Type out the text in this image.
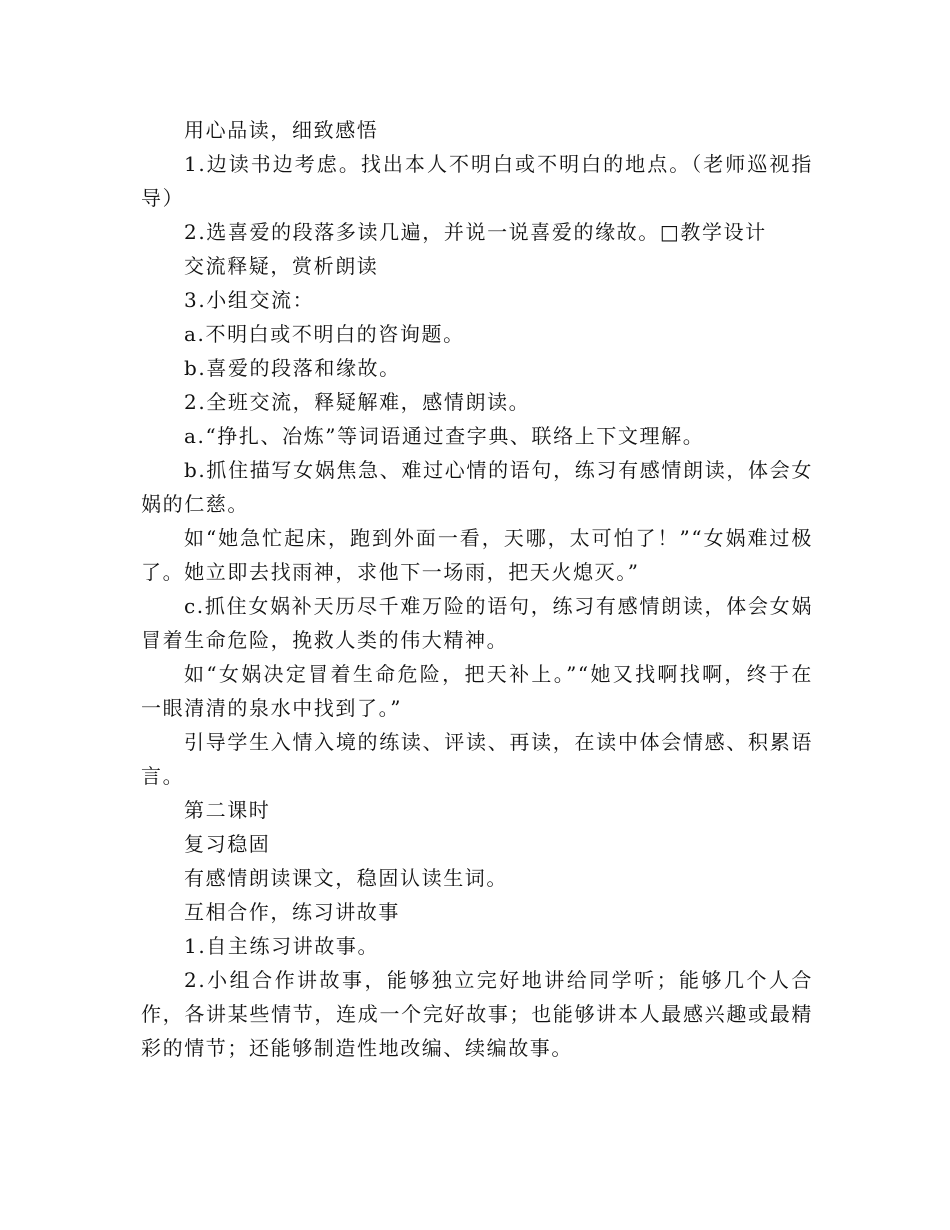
用心品读，细致感悟

1.边读书边考虑。找出本人不明白或不明白的地点。（老师巡视指导）

2.选喜爱的段落多读几遍，并说一说喜爱的缘故。□教学设计

交流释疑，赏析朗读

3.小组交流：

a.不明白或不明白的咨询题。

b.喜爱的段落和缘故。

2.全班交流，释疑解难，感情朗读。

a.“挣扎、冶炼”等词语通过查字典、联络上下文理解。

b.抓住描写女娲焦急、难过心情的语句，练习有感情朗读，体会女娲的仁慈。

如“她急忙起床，跑到外面一看，天哪，太可怕了！”“女娲难过极了。她立即去找雨神，求他下一场雨，把天火熄灭。”

c.抓住女娲补天历尽千难万险的语句，练习有感情朗读，体会女娲冒着生命危险，挽救人类的伟大精神。

如“女娲决定冒着生命危险，把天补上。”“她又找啊找啊，终于在一眼清清的泉水中找到了。”

引导学生入情入境的练读、评读、再读，在读中体会情感、积累语言。

第二课时

复习稳固

有感情朗读课文，稳固认读生词。

互相合作，练习讲故事

1.自主练习讲故事。

2.小组合作讲故事，能够独立完好地讲给同学听；能够几个人合作，各讲某些情节，连成一个完好故事；也能够讲本人最感兴趣或最精彩的情节；还能够制造性地改编、续编故事。
